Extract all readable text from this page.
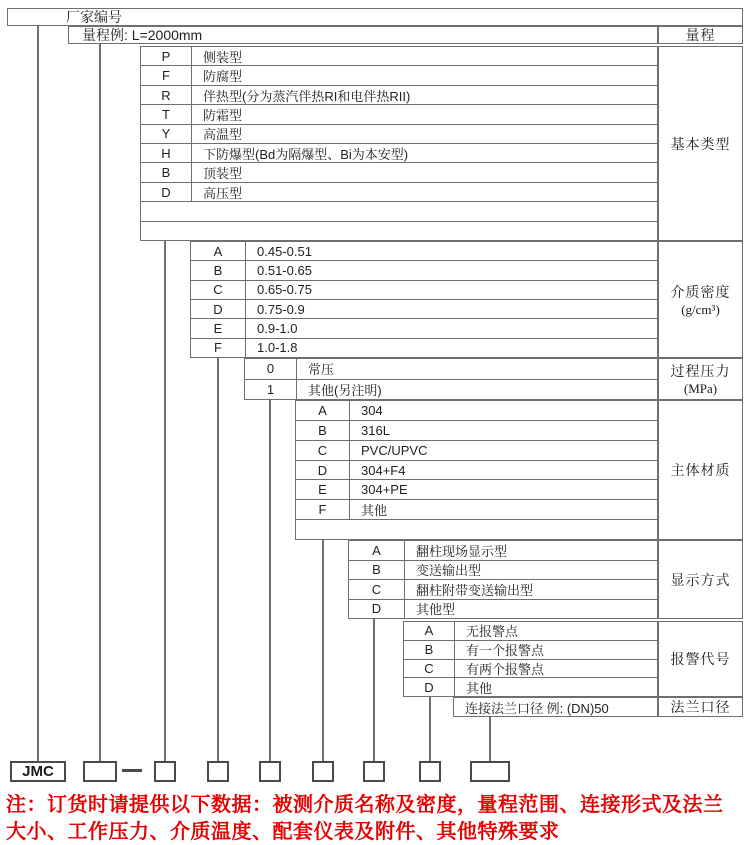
厂家编号
量程例: L=2000mm	量程
P	侧装型
F	防腐型
R	伴热型(分为蒸汽伴热RI和电伴热RII)
T	防霜型
Y	高温型
H	下防爆型(Bd为隔爆型、Bi为本安型)
B	顶装型
D	高压型
基本类型
A	0.45-0.51
B	0.51-0.65
C	0.65-0.75
D	0.75-0.9
E	0.9-1.0
F	1.0-1.8
介质密度
(g/cm³)
0	常压
1	其他(另注明)
过程压力
(MPa)
A	304
B	316L
C	PVC/UPVC
D	304+F4
E	304+PE
F	其他
主体材质
A	翻柱现场显示型
B	变送输出型
C	翻柱附带变送输出型
D	其他型
显示方式
A	无报警点
B	有一个报警点
C	有两个报警点
D	其他
报警代号
连接法兰口径 例: (DN)50	法兰口径
JMC
注：订货时请提供以下数据：被测介质名称及密度，量程范围、连接形式及法兰
大小、工作压力、介质温度、配套仪表及附件、其他特殊要求
